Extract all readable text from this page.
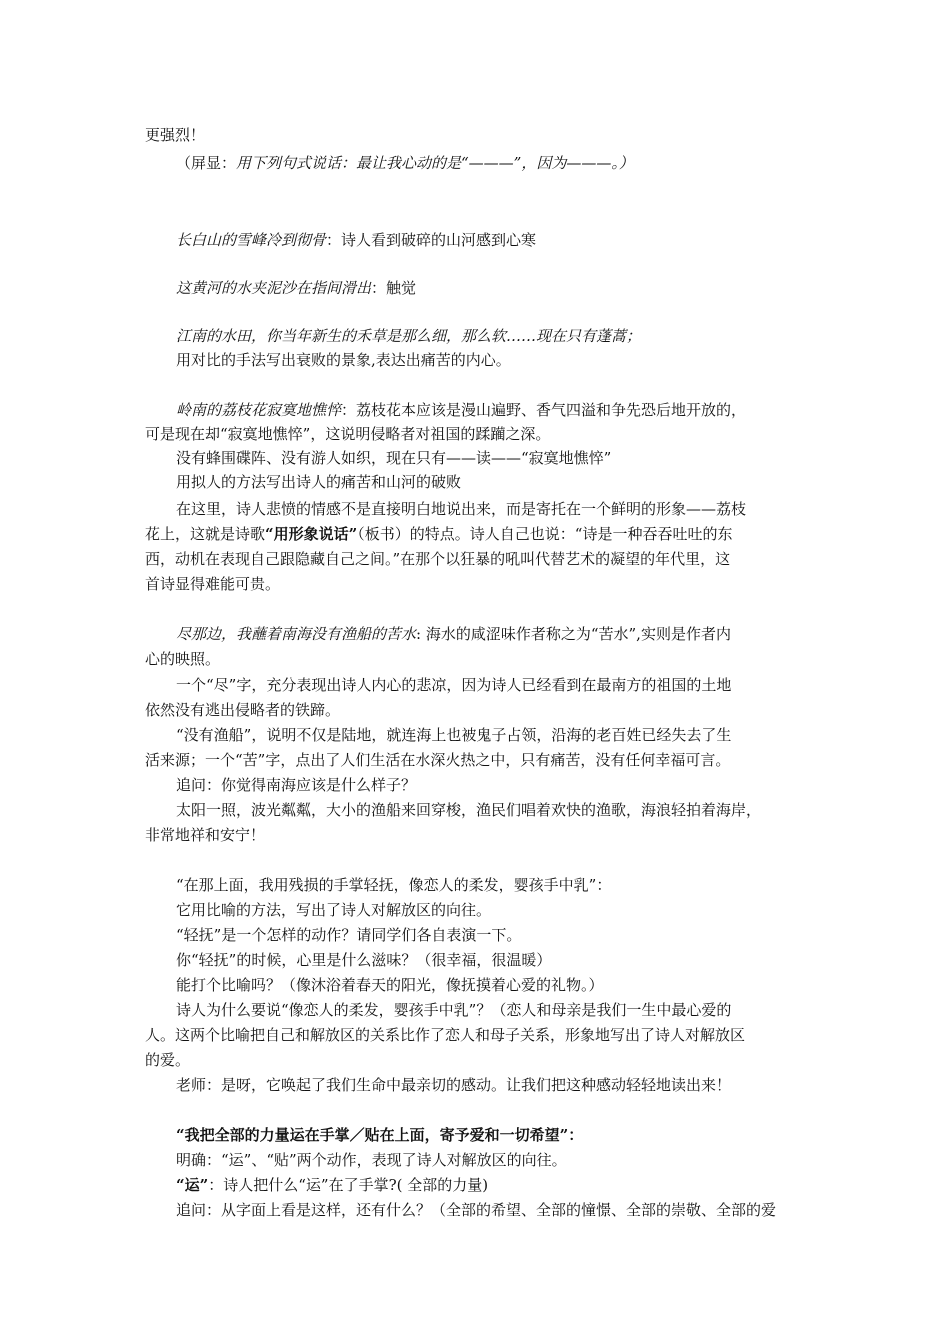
更强烈！
（屏显：用下列句式说话：最让我心动的是“———”，因为———。）
长白山的雪峰冷到彻骨：诗人看到破碎的山河感到心寒
这黄河的水夹泥沙在指间滑出：触觉
江南的水田，你当年新生的禾草是那么细，那么软……现在只有蓬蒿；
用对比的手法写出衰败的景象,表达出痛苦的内心。
岭南的荔枝花寂寞地憔悴：荔枝花本应该是漫山遍野、香气四溢和争先恐后地开放的，
可是现在却“寂寞地憔悴”，这说明侵略者对祖国的蹂躏之深。
没有蜂围碟阵、没有游人如织，现在只有——读——“寂寞地憔悴”
用拟人的方法写出诗人的痛苦和山河的破败
在这里，诗人悲愤的情感不是直接明白地说出来，而是寄托在一个鲜明的形象——荔枝
花上，这就是诗歌“用形象说话”（板书）的特点。诗人自己也说：“诗是一种吞吞吐吐的东
西，动机在表现自己跟隐藏自己之间。”在那个以狂暴的吼叫代替艺术的凝望的年代里，这
首诗显得难能可贵。
尽那边，我蘸着南海没有渔船的苦水: 海水的咸涩味作者称之为“苦水”,实则是作者内
心的映照。
一个“尽”字，充分表现出诗人内心的悲凉，因为诗人已经看到在最南方的祖国的土地
依然没有逃出侵略者的铁蹄。
“没有渔船”，说明不仅是陆地，就连海上也被鬼子占领，沿海的老百姓已经失去了生
活来源；一个“苦”字，点出了人们生活在水深火热之中，只有痛苦，没有任何幸福可言。
追问：你觉得南海应该是什么样子？
太阳一照，波光粼粼，大小的渔船来回穿梭，渔民们唱着欢快的渔歌，海浪轻拍着海岸，
非常地祥和安宁！
“在那上面，我用残损的手掌轻抚，像恋人的柔发，婴孩手中乳”：
它用比喻的方法，写出了诗人对解放区的向往。
“轻抚”是一个怎样的动作？请同学们各自表演一下。
你“轻抚”的时候，心里是什么滋味？（很幸福，很温暖）
能打个比喻吗？（像沐浴着春天的阳光，像抚摸着心爱的礼物。）
诗人为什么要说“像恋人的柔发，婴孩手中乳”？（恋人和母亲是我们一生中最心爱的
人。这两个比喻把自己和解放区的关系比作了恋人和母子关系，形象地写出了诗人对解放区
的爱。
老师：是呀，它唤起了我们生命中最亲切的感动。让我们把这种感动轻轻地读出来！
“我把全部的力量运在手掌／贴在上面，寄予爱和一切希望”：
明确：“运”、“贴”两个动作，表现了诗人对解放区的向往。
“运”：诗人把什么“运”在了手掌?( 全部的力量)
追问：从字面上看是这样，还有什么？（全部的希望、全部的憧憬、全部的崇敬、全部的爱
